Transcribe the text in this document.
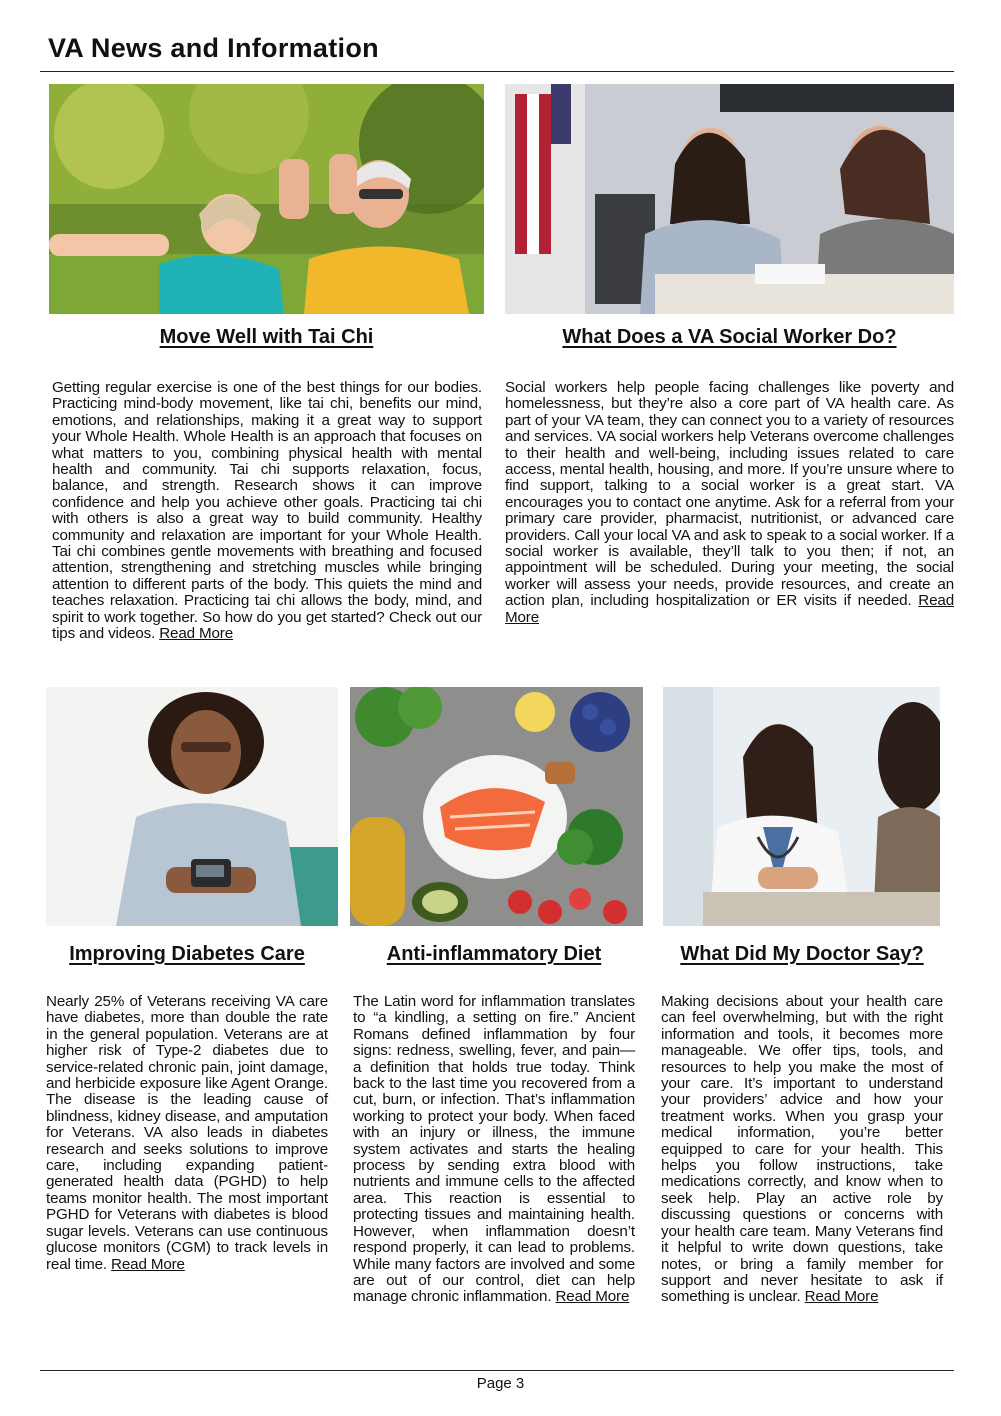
VA News and Information
Move Well with Tai Chi
Getting regular exercise is one of the best things for our bodies. Practicing mind-body movement, like tai chi, benefits our mind, emotions, and relationships, making it a great way to support your Whole Health. Whole Health is an approach that focuses on what matters to you, combining physical health with mental health and community. Tai chi supports relaxation, focus, balance, and strength. Research shows it can improve confidence and help you achieve other goals. Practicing tai chi with others is also a great way to build community. Healthy community and relaxation are important for your Whole Health. Tai chi combines gentle movements with breathing and focused attention, strengthening and stretching muscles while bringing attention to different parts of the body. This quiets the mind and teaches relaxation. Practicing tai chi allows the body, mind, and spirit to work together. So how do you get started? Check out our tips and videos. Read More
What Does a VA Social Worker Do?
Social workers help people facing challenges like poverty and homelessness, but they’re also a core part of VA health care. As part of your VA team, they can connect you to a variety of resources and services. VA social workers help Veterans overcome challenges to their health and well-being, including issues related to care access, mental health, housing, and more. If you’re unsure where to find support, talking to a social worker is a great start. VA encourages you to contact one anytime. Ask for a referral from your primary care provider, pharmacist, nutritionist, or advanced care providers. Call your local VA and ask to speak to a social worker. If a social worker is available, they’ll talk to you then; if not, an appointment will be scheduled. During your meeting, the social worker will assess your needs, provide resources, and create an action plan, including hospitalization or ER visits if needed. Read More
Improving Diabetes Care
Nearly 25% of Veterans receiving VA care have diabetes, more than double the rate in the general population. Veterans are at higher risk of Type-2 diabetes due to service-related chronic pain, joint damage, and herbicide exposure like Agent Orange. The disease is the leading cause of blindness, kidney disease, and amputation for Veterans. VA also leads in diabetes research and seeks solutions to improve care, including expanding patient-generated health data (PGHD) to help teams monitor health. The most important PGHD for Veterans with diabetes is blood sugar levels. Veterans can use continuous glucose monitors (CGM) to track levels in real time. Read More
Anti-inflammatory Diet
The Latin word for inflammation translates to “a kindling, a setting on fire.” Ancient Romans defined inflammation by four signs: redness, swelling, fever, and pain—a definition that holds true today. Think back to the last time you recovered from a cut, burn, or infection. That’s inflammation working to protect your body. When faced with an injury or illness, the immune system activates and starts the healing process by sending extra blood with nutrients and immune cells to the affected area. This reaction is essential to protecting tissues and maintaining health. However, when inflammation doesn’t respond properly, it can lead to problems. While many factors are involved and some are out of our control, diet can help manage chronic inflammation. Read More
What Did My Doctor Say?
Making decisions about your health care can feel overwhelming, but with the right information and tools, it becomes more manageable. We offer tips, tools, and resources to help you make the most of your care. It’s important to understand your providers’ advice and how your treatment works. When you grasp your medical information, you’re better equipped to care for your health. This helps you follow instructions, take medications correctly, and know when to seek help. Play an active role by discussing questions or concerns with your health care team. Many Veterans find it helpful to write down questions, take notes, or bring a family member for support and never hesitate to ask if something is unclear. Read More
Page 3
